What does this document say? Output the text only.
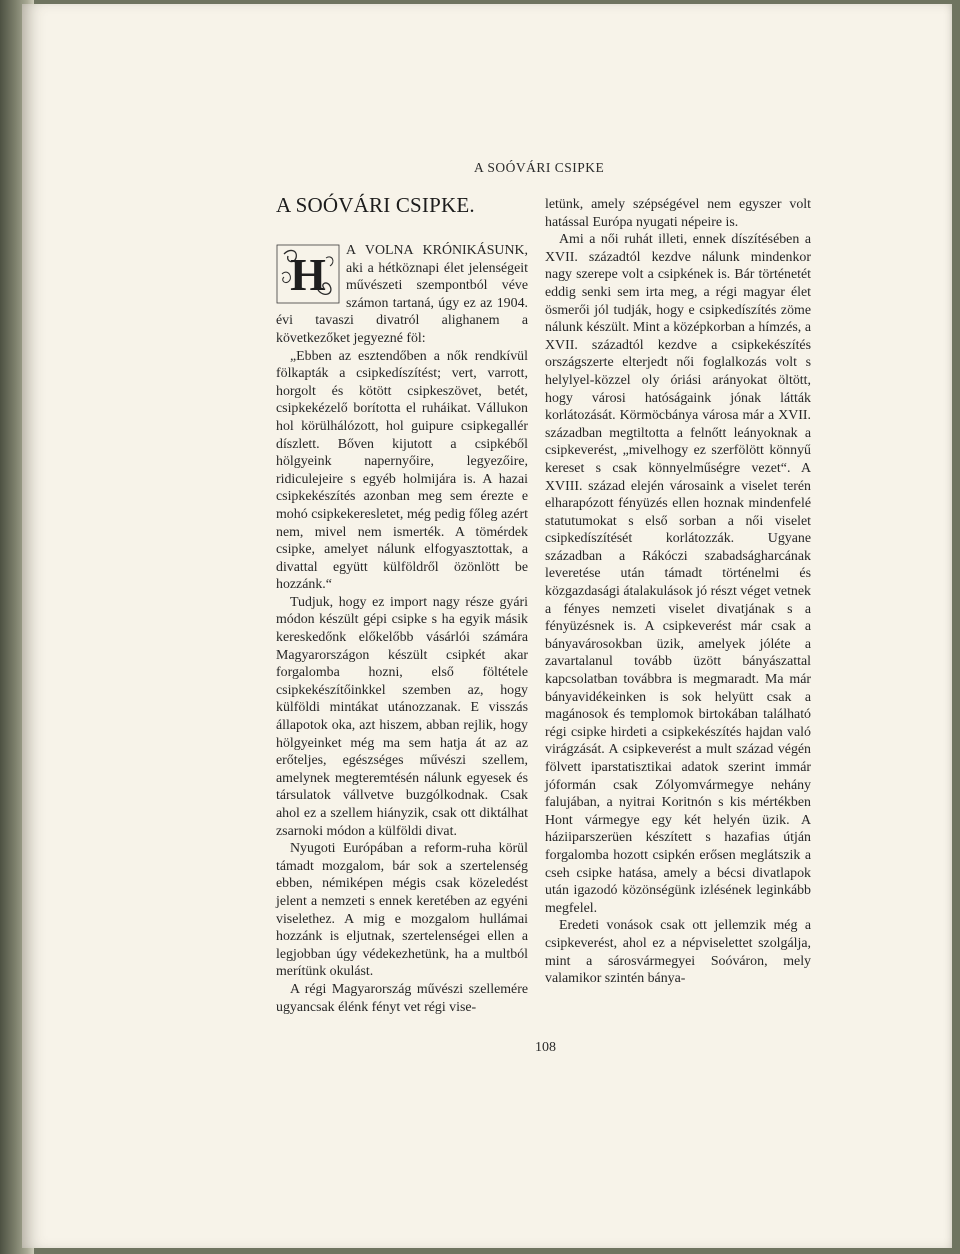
A SOÓVÁRI CSIPKE
A SOÓVÁRI CSIPKE.

H A VOLNA KRÓNIKÁSUNK, aki a hétköznapi élet jelenségeit művészeti szempontból véve számon tartaná, úgy ez az 1904. évi tavaszi divatról alighanem a következőket jegyezné föl:

„Ebben az esztendőben a nők rendkívül fölkapták a csipkedíszítést; vert, varrott, horgolt és kötött csipkeszövet, betét, csipkekézelő borította el ruháikat. Vállukon hol körülhálózott, hol guipure csipkegallér díszlett. Bőven kijutott a csipkéből hölgyeink napernyőire, legyezőire, ridiculejeire s egyéb holmijára is. A hazai csipkekészítés azonban meg sem érezte e mohó csipkekeresletet, még pedig főleg azért nem, mivel nem ismerték. A tömérdek csipke, amelyet nálunk elfogyasztottak, a divattal együtt külföldről özönlött be hozzánk.“

Tudjuk, hogy ez import nagy része gyári módon készült gépi csipke s ha egyik másik kereskedőnk előkelőbb vásárlói számára Magyarországon készült csipkét akar forgalomba hozni, első föltétele csipkekészítőinkkel szemben az, hogy külföldi mintákat utánozzanak. E visszás állapotok oka, azt hiszem, abban rejlik, hogy hölgyeinket még ma sem hatja át az az erőteljes, egészséges művészi szellem, amelynek megteremtésén nálunk egyesek és társulatok vállvetve buzgólkodnak. Csak ahol ez a szellem hiányzik, csak ott diktálhat zsarnoki módon a külföldi divat.

Nyugoti Európában a reform-ruha körül támadt mozgalom, bár sok a szertelenség ebben, némiképen mégis csak közeledést jelent a nemzeti s ennek keretében az egyéni viselethez. A mig e mozgalom hullámai hozzánk is eljutnak, szertelenségei ellen a legjobban úgy védekezhetünk, ha a multból merítünk okulást.

A régi Magyarország művészi szellemére ugyancsak élénk fényt vet régi vise-

letünk, amely szépségével nem egyszer volt hatással Európa nyugati népeire is.

Ami a női ruhát illeti, ennek díszítésében a XVII. századtól kezdve nálunk mindenkor nagy szerepe volt a csipkének is. Bár történetét eddig senki sem irta meg, a régi magyar élet ösmerői jól tudják, hogy e csipkedíszítés zöme nálunk készült. Mint a középkorban a hímzés, a XVII. századtól kezdve a csipkekészítés országszerte elterjedt női foglalkozás volt s helylyel-közzel oly óriási arányokat öltött, hogy városi hatóságaink jónak látták korlátozását. Körmöcbánya városa már a XVII. században megtiltotta a felnőtt leányoknak a csipkeverést, „mivelhogy ez szerfölött könnyű kereset s csak könnyelműségre vezet“. A XVIII. század elején városaink a viselet terén elharapózott fényüzés ellen hoznak mindenfelé statutumokat s első sorban a női viselet csipkedíszítését korlátozzák. Ugyane században a Rákóczi szabadságharcának leveretése után támadt történelmi és közgazdasági átalakulások jó részt véget vetnek a fényes nemzeti viselet divatjának s a fényüzésnek is. A csipkeverést már csak a bányavárosokban üzik, amelyek jóléte a zavartalanul tovább üzött bányászattal kapcsolatban továbbra is megmaradt. Ma már bányavidékeinken is sok helyütt csak a magánosok és templomok birtokában található régi csipke hirdeti a csipkekészítés hajdan való virágzását. A csipkeverést a mult század végén fölvett iparstatisztikai adatok szerint immár jóformán csak Zólyomvármegye nehány falujában, a nyitrai Koritnón s kis mértékben Hont vármegye egy két helyén üzik. A háziiparszerüen készített s hazafias útján forgalomba hozott csipkén erősen meglátszik a cseh csipke hatása, amely a bécsi divatlapok után igazodó közönségünk izlésének leginkább megfelel.

Eredeti vonások csak ott jellemzik még a csipkeverést, ahol ez a népviselettet szolgálja, mint a sárosvármegyei Soóváron, mely valamikor szintén bánya-

108
